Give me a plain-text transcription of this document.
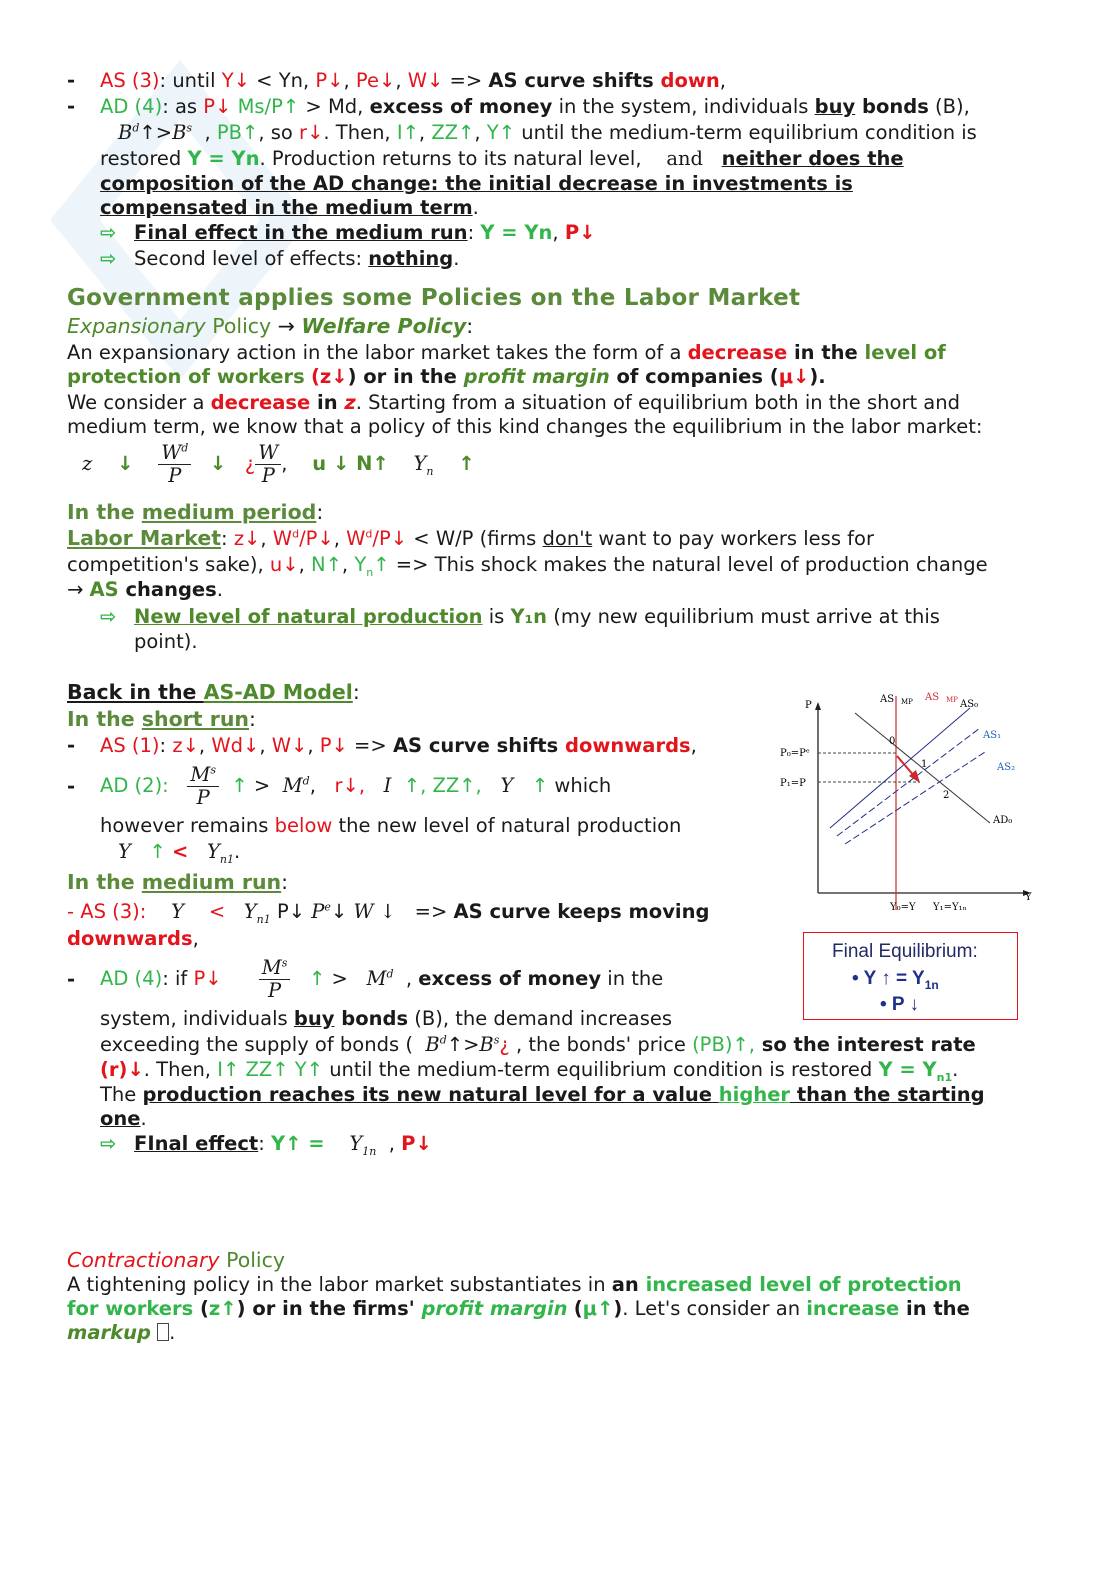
- AS (3): until Y↓ < Yn, P↓, Pe↓, W↓ => AS curve shifts down,
- AD (4): as P↓ Ms/P↑ > Md, excess of money in the system, individuals buy bonds (B),
$B^d↑>B^s$  , PB↑, so r↓. Then, I↑, ZZ↑, Y↑ until the medium-term equilibrium condition is
restored Y = Yn. Production returns to its natural level, and neither does the
composition of the AD change: the initial decrease in investments is
compensated in the medium term.
⇨ Final effect in the medium run: Y = Yn, P↓
⇨ Second level of effects: nothing.
Government applies some Policies on the Labor Market
Expansionary Policy → Welfare Policy:
An expansionary action in the labor market takes the form of a decrease in the level of
protection of workers (z↓) or in the profit margin of companies (μ↓).
We consider a decrease in z. Starting from a situation of equilibrium both in the short and
medium term, we know that a policy of this kind changes the equilibrium in the labor market:
z ↓ $\frac{W^d}{P}$ ↓ ¿ $\frac{W}{P}$ ,    u ↓ N↑ $Y_n$ ↑
In the medium period:
Labor Market: z↓, $W^d/P↓$, $W^d/P↓ < W/P$ (firms don't want to pay workers less for
competition's sake), u↓, N↑, $Y_n↑$ => This shock makes the natural level of production change
→ AS changes.
⇨ New level of natural production is Y₁n (my new equilibrium must arrive at this
point).
Back in the AS-AD Model:
In the short run:
- AS (1): z↓, Wd↓, W↓, P↓ => AS curve shifts downwards,
- AD (2): $\frac{M^s}{P}$ ↑ >  $M^d$,   r↓, I ↑, ZZ↑, Y ↑ which
however remains below the new level of natural production
Y ↑ < $Y_{n1}$.
In the medium run:
- AS (3): $Y < Y_{n1}$ P↓ $P^e↓$ W ↓   => AS curve keeps moving
downwards,
- AD (4): if P↓ $\frac{M^s}{P}$ ↑ >   $M^d$  , excess of money in the
system, individuals buy bonds (B), the demand increases
exceeding the supply of bonds ( $B^d↑>B^s¿$ , the bonds' price (PB)↑, so the interest rate
(r)↓. Then, I↑ ZZ↑ Y↑ until the medium-term equilibrium condition is restored $Y = Y_{n1}$.
The production reaches its new natural level for a value higher than the starting
one.
⇨ FInal effect: Y↑ = $Y_{1n}$  , P↓
Contractionary Policy
A tightening policy in the labor market substantiates in an increased level of protection
for workers (z↑) or in the firms' profit margin (μ↑). Let's consider an increase in the
markup .
P
Y
AS MP AS MP AS₀
AS₁
AS₂
AD₀
P₀=Pᵉ
P₁=P
0
1
2
Y₀=Y Y₁=Y₁ₙ
Final Equilibrium:
• Y ↑ = $Y_{1n}$
• P ↓
